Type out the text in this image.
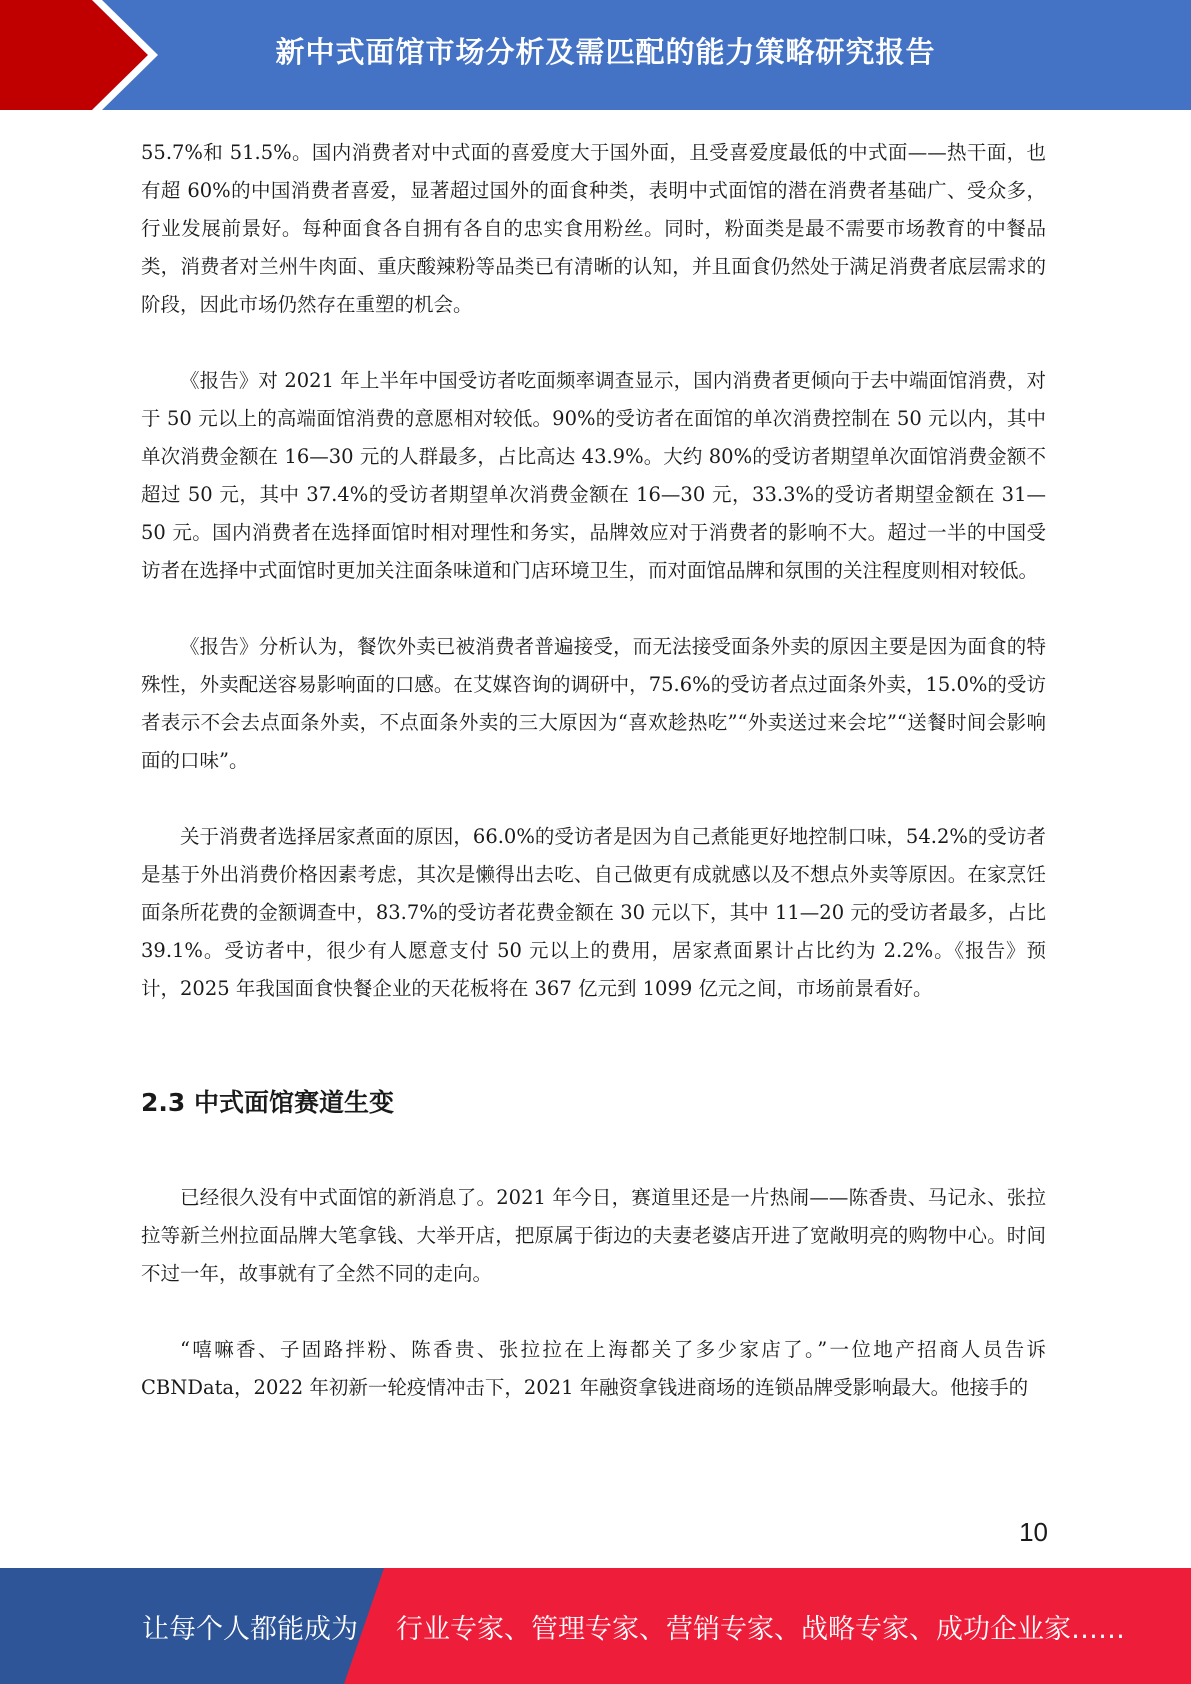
新中式面馆市场分析及需匹配的能力策略研究报告

55.7%和 51.5%。国内消费者对中式面的喜爱度大于国外面，且受喜爱度最低的中式面——热干面，也有超 60%的中国消费者喜爱，显著超过国外的面食种类，表明中式面馆的潜在消费者基础广、受众多，行业发展前景好。每种面食各自拥有各自的忠实食用粉丝。同时，粉面类是最不需要市场教育的中餐品类，消费者对兰州牛肉面、重庆酸辣粉等品类已有清晰的认知，并且面食仍然处于满足消费者底层需求的阶段，因此市场仍然存在重塑的机会。

《报告》对 2021 年上半年中国受访者吃面频率调查显示，国内消费者更倾向于去中端面馆消费，对于 50 元以上的高端面馆消费的意愿相对较低。90%的受访者在面馆的单次消费控制在 50 元以内，其中单次消费金额在 16—30 元的人群最多，占比高达 43.9%。大约 80%的受访者期望单次面馆消费金额不超过 50 元，其中 37.4%的受访者期望单次消费金额在 16—30 元，33.3%的受访者期望金额在 31—50 元。国内消费者在选择面馆时相对理性和务实，品牌效应对于消费者的影响不大。超过一半的中国受访者在选择中式面馆时更加关注面条味道和门店环境卫生，而对面馆品牌和氛围的关注程度则相对较低。

《报告》分析认为，餐饮外卖已被消费者普遍接受，而无法接受面条外卖的原因主要是因为面食的特殊性，外卖配送容易影响面的口感。在艾媒咨询的调研中，75.6%的受访者点过面条外卖，15.0%的受访者表示不会去点面条外卖，不点面条外卖的三大原因为“喜欢趁热吃”“外卖送过来会坨”“送餐时间会影响面的口味”。

关于消费者选择居家煮面的原因，66.0%的受访者是因为自己煮能更好地控制口味，54.2%的受访者是基于外出消费价格因素考虑，其次是懒得出去吃、自己做更有成就感以及不想点外卖等原因。在家烹饪面条所花费的金额调查中，83.7%的受访者花费金额在 30 元以下，其中 11—20 元的受访者最多，占比 39.1%。受访者中，很少有人愿意支付 50 元以上的费用，居家煮面累计占比约为 2.2%。《报告》预计，2025 年我国面食快餐企业的天花板将在 367 亿元到 1099 亿元之间，市场前景看好。

2.3 中式面馆赛道生变

已经很久没有中式面馆的新消息了。2021 年今日，赛道里还是一片热闹——陈香贵、马记永、张拉拉等新兰州拉面品牌大笔拿钱、大举开店，把原属于街边的夫妻老婆店开进了宽敞明亮的购物中心。时间不过一年，故事就有了全然不同的走向。

“嘻嘛香、子固路拌粉、陈香贵、张拉拉在上海都关了多少家店了。”一位地产招商人员告诉 CBNData，2022 年初新一轮疫情冲击下，2021 年融资拿钱进商场的连锁品牌受影响最大。他接手的

10
让每个人都能成为 行业专家、管理专家、营销专家、战略专家、成功企业家……
